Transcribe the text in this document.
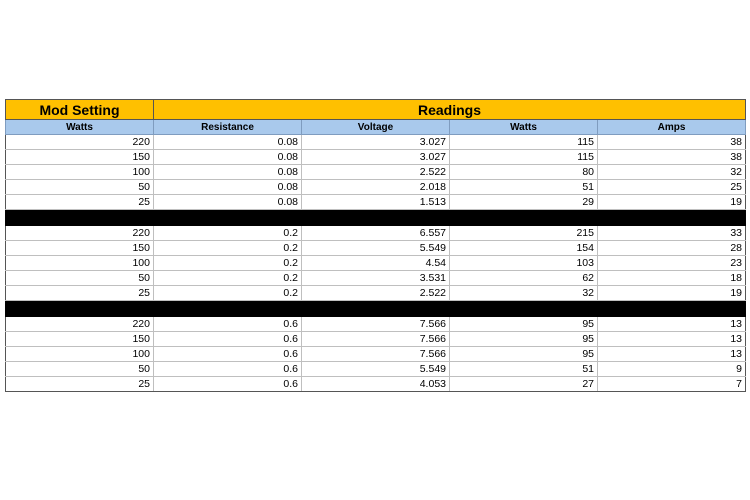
Mod Setting	Readings			
Watts	Resistance	Voltage	Watts	Amps
220	0.08	3.027	115	38
150	0.08	3.027	115	38
100	0.08	2.522	80	32
50	0.08	2.018	51	25
25	0.08	1.513	29	19

220	0.2	6.557	215	33
150	0.2	5.549	154	28
100	0.2	4.54	103	23
50	0.2	3.531	62	18
25	0.2	2.522	32	19

220	0.6	7.566	95	13
150	0.6	7.566	95	13
100	0.6	7.566	95	13
50	0.6	5.549	51	9
25	0.6	4.053	27	7
